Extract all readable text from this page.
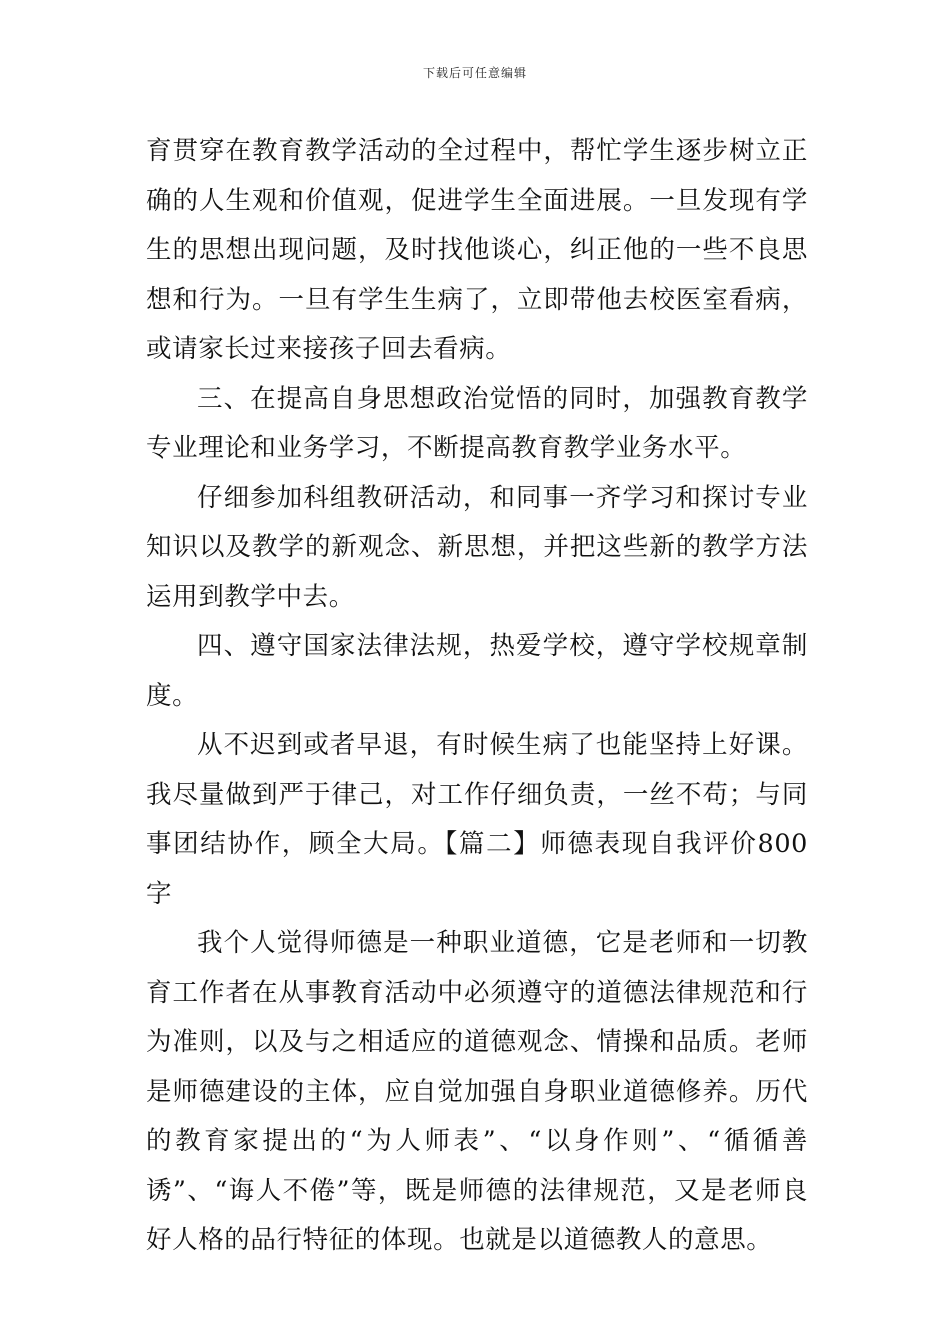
下载后可任意编辑

育贯穿在教育教学活动的全过程中，帮忙学生逐步树立正确的人生观和价值观，促进学生全面进展。一旦发现有学生的思想出现问题，及时找他谈心，纠正他的一些不良思想和行为。一旦有学生生病了，立即带他去校医室看病，或请家长过来接孩子回去看病。

三、在提高自身思想政治觉悟的同时，加强教育教学专业理论和业务学习，不断提高教育教学业务水平。

仔细参加科组教研活动，和同事一齐学习和探讨专业知识以及教学的新观念、新思想，并把这些新的教学方法运用到教学中去。

四、遵守国家法律法规，热爱学校，遵守学校规章制度。

从不迟到或者早退，有时候生病了也能坚持上好课。我尽量做到严于律己，对工作仔细负责，一丝不苟；与同事团结协作，顾全大局。【篇二】师德表现自我评价800字

我个人觉得师德是一种职业道德，它是老师和一切教育工作者在从事教育活动中必须遵守的道德法律规范和行为准则，以及与之相适应的道德观念、情操和品质。老师是师德建设的主体，应自觉加强自身职业道德修养。历代的教育家提出的“为人师表”、“以身作则”、“循循善诱”、“诲人不倦”等，既是师德的法律规范，又是老师良好人格的品行特征的体现。也就是以道德教人的意思。
